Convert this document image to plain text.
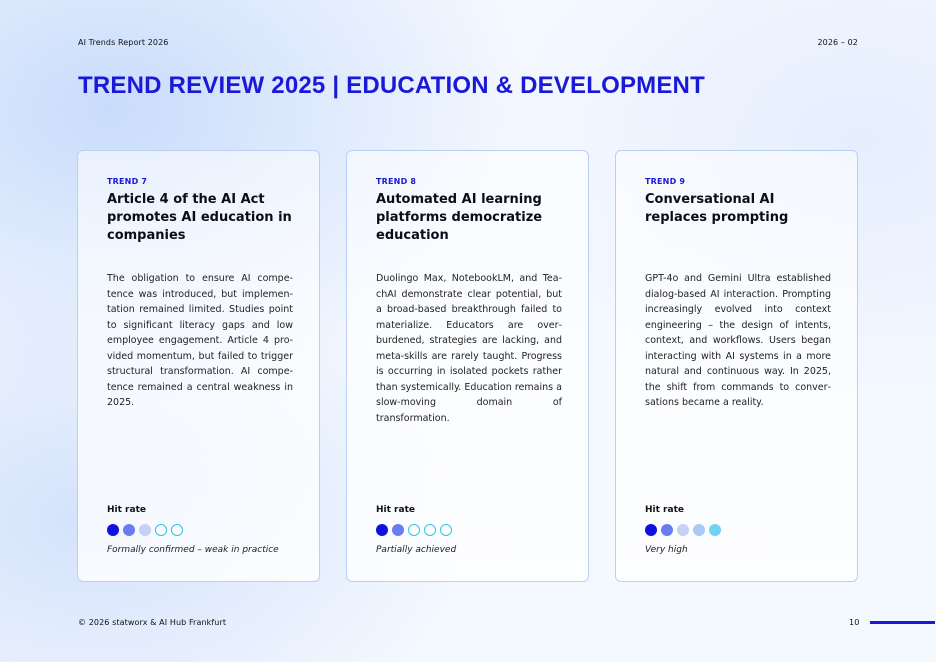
AI Trends Report 2026	2026 – 02
TREND REVIEW 2025 | EDUCATION & DEVELOPMENT

TREND 7

Article 4 of the AI Act promotes AI education in companies

The obligation to ensure AI competence was introduced, but implementation remained limited. Studies point to significant literacy gaps and low employee engagement. Article 4 provided momentum, but failed to trigger structural transformation. AI competence remained a central weakness in 2025.

Hit rate

Formally confirmed – weak in practice

TREND 8

Automated AI learning platforms democratize education

Duolingo Max, NotebookLM, and TeachAI demonstrate clear potential, but a broad-based breakthrough failed to materialize. Educators are overburdened, strategies are lacking, and meta-skills are rarely taught. Progress is occurring in isolated pockets rather than systemically. Education remains a slow-moving domain of transformation.

Hit rate

Partially achieved

TREND 9

Conversational AI replaces prompting

GPT-4o and Gemini Ultra established dialog-based AI interaction. Prompting increasingly evolved into context engineering – the design of intents, context, and workflows. Users began interacting with AI systems in a more natural and continuous way. In 2025, the shift from commands to conversations became a reality.

Hit rate

Very high

© 2026 statworx & AI Hub Frankfurt	10
